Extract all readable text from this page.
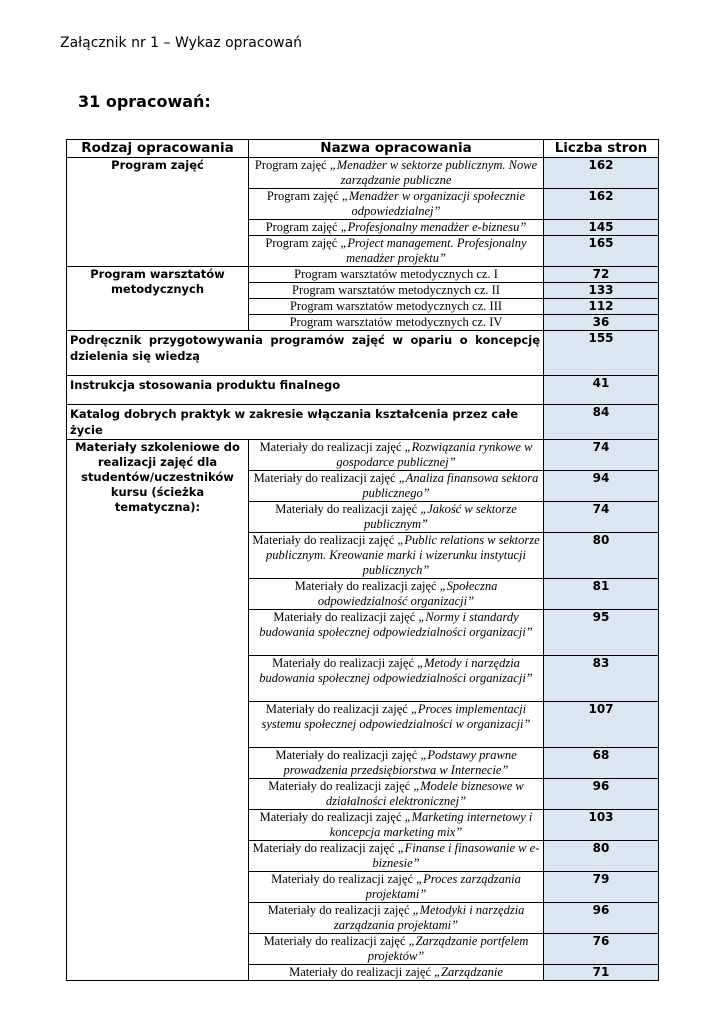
Załącznik nr 1 – Wykaz opracowań
31 opracowań:
Rodzaj opracowania	Nazwa opracowania	Liczba stron
Program zajęć	Program zajęć „Menadżer w sektorze publicznym. Nowe zarządzanie publiczne	162
	Program zajęć „Menadżer w organizacji społecznie odpowiedzialnej”	162
	Program zajęć „Profesjonalny menadżer e-biznesu”	145
	Program zajęć „Project management. Profesjonalny menadżer projektu”	165
Program warsztatów metodycznych	Program warsztatów metodycznych cz. I	72
	Program warsztatów metodycznych cz. II	133
	Program warsztatów metodycznych cz. III	112
	Program warsztatów metodycznych cz. IV	36
Podręcznik przygotowywania programów zajęć w opariu o koncepcję dzielenia się wiedzą		155
Instrukcja stosowania produktu finalnego		41
Katalog dobrych praktyk w zakresie włączania kształcenia przez całe życie		84
Materiały szkoleniowe do realizacji zajęć dla studentów/uczestników kursu (ścieżka tematyczna):	Materiały do realizacji zajęć „Rozwiązania rynkowe w gospodarce publicznej”	74
	Materiały do realizacji zajęć „Analiza finansowa sektora publicznego”	94
	Materiały do realizacji zajęć „Jakość w sektorze publicznym”	74
	Materiały do realizacji zajęć „Public relations w sektorze publicznym. Kreowanie marki i wizerunku instytucji publicznych”	80
	Materiały do realizacji zajęć „Społeczna odpowiedzialność organizacji”	81
	Materiały do realizacji zajęć „Normy i standardy budowania społecznej odpowiedzialności organizacji”	95
	Materiały do realizacji zajęć „Metody i narzędzia budowania społecznej odpowiedzialności organizacji”	83
	Materiały do realizacji zajęć „Proces implementacji systemu społecznej odpowiedzialności w organizacji”	107
	Materiały do realizacji zajęć „Podstawy prawne prowadzenia przedsiębiorstwa w Internecie”	68
	Materiały do realizacji zajęć „Modele biznesowe w działalności elektronicznej”	96
	Materiały do realizacji zajęć „Marketing internetowy i koncepcja marketing mix”	103
	Materiały do realizacji zajęć „Finanse i finasowanie w e-biznesie”	80
	Materiały do realizacji zajęć „Proces zarządzania projektami”	79
	Materiały do realizacji zajęć „Metodyki i narzędzia zarządzania projektami”	96
	Materiały do realizacji zajęć „Zarządzanie portfelem projektów”	76
	Materiały do realizacji zajęć „Zarządzanie	71
